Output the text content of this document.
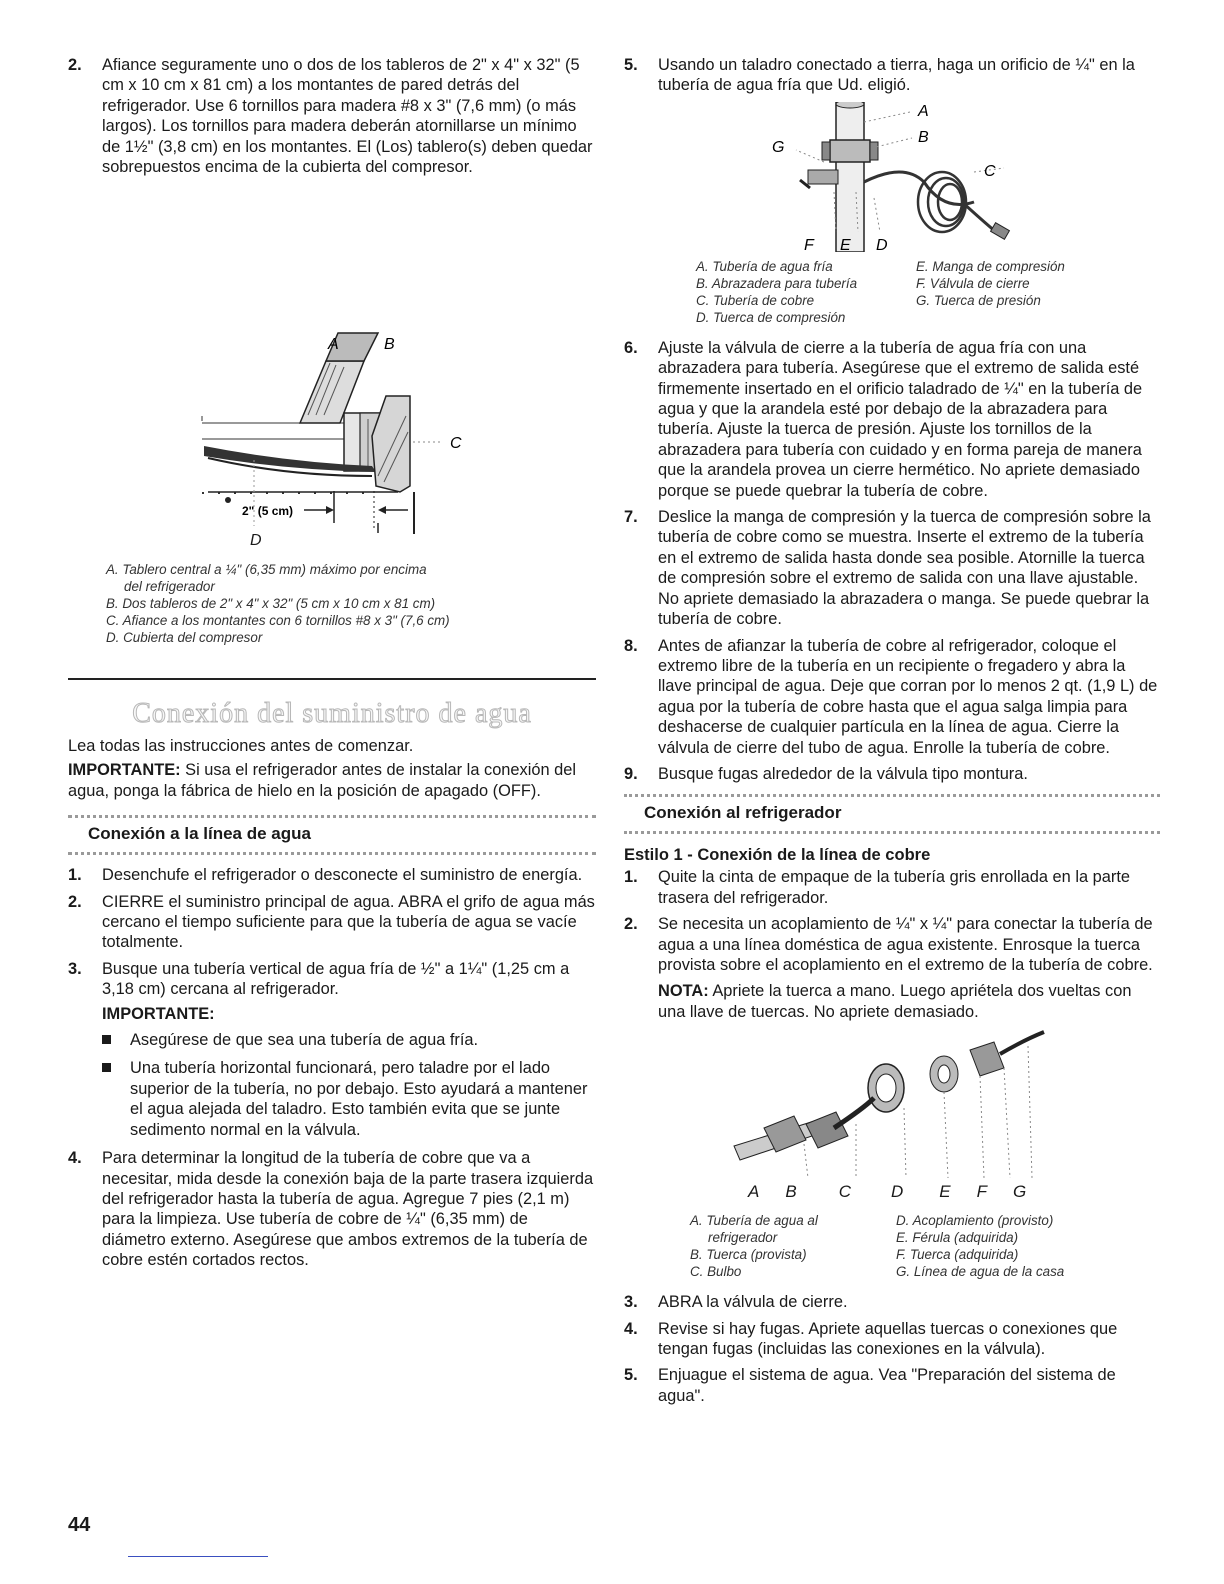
2. Afiance seguramente uno o dos de los tableros de 2" x 4" x 32" (5 cm x 10 cm x 81 cm) a los montantes de pared detrás del refrigerador. Use 6 tornillos para madera #8 x 3" (7,6 mm) (o más largos). Los tornillos para madera deberán atornillarse un mínimo de 1½" (3,8 cm) en los montantes. El (Los) tablero(s) deben quedar sobrepuestos encima de la cubierta del compresor.
2" (5 cm)
C
A	B
D
A. Tablero central a ¼" (6,35 mm) máximo por encima
del refrigerador
B. Dos tableros de 2" x 4" x 32" (5 cm x 10 cm x 81 cm)
C. Afiance a los montantes con 6 tornillos #8 x 3" (7,6 cm)
D. Cubierta del compresor
Conexión del suministro de agua
Lea todas las instrucciones antes de comenzar.
IMPORTANTE: Si usa el refrigerador antes de instalar la conexión del agua, ponga la fábrica de hielo en la posición de apagado (OFF).
Conexión a la línea de agua
1. Desenchufe el refrigerador o desconecte el suministro de energía.
2. CIERRE el suministro principal de agua. ABRA el grifo de agua más cercano el tiempo suficiente para que la tubería de agua se vacíe totalmente.
3. Busque una tubería vertical de agua fría de ½" a 1¼" (1,25 cm a 3,18 cm) cercana al refrigerador.
IMPORTANTE:
Asegúrese de que sea una tubería de agua fría.
Una tubería horizontal funcionará, pero taladre por el lado superior de la tubería, no por debajo. Esto ayudará a mantener el agua alejada del taladro. Esto también evita que se junte sedimento normal en la válvula.
4. Para determinar la longitud de la tubería de cobre que va a necesitar, mida desde la conexión baja de la parte trasera izquierda del refrigerador hasta la tubería de agua. Agregue 7 pies (2,1 m) para la limpieza. Use tubería de cobre de ¼" (6,35 mm) de diámetro externo. Asegúrese que ambos extremos de la tubería de cobre estén cortados rectos.
5. Usando un taladro conectado a tierra, haga un orificio de ¼" en la tubería de agua fría que Ud. eligió.
A
B
C
G
F E D
A. Tubería de agua fría
B. Abrazadera para tubería
C. Tubería de cobre
D. Tuerca de compresión
E. Manga de compresión
F. Válvula de cierre
G. Tuerca de presión
6. Ajuste la válvula de cierre a la tubería de agua fría con una abrazadera para tubería. Asegúrese que el extremo de salida esté firmemente insertado en el orificio taladrado de ¼" en la tubería de agua y que la arandela esté por debajo de la abrazadera para tubería. Ajuste la tuerca de presión. Ajuste los tornillos de la abrazadera para tubería con cuidado y en forma pareja de manera que la arandela provea un cierre hermético. No apriete demasiado porque se puede quebrar la tubería de cobre.
7. Deslice la manga de compresión y la tuerca de compresión sobre la tubería de cobre como se muestra. Inserte el extremo de la tubería en el extremo de salida hasta donde sea posible. Atornille la tuerca de compresión sobre el extremo de salida con una llave ajustable. No apriete demasiado la abrazadera o manga. Se puede quebrar la tubería de cobre.
8. Antes de afianzar la tubería de cobre al refrigerador, coloque el extremo libre de la tubería en un recipiente o fregadero y abra la llave principal de agua. Deje que corran por lo menos 2 qt. (1,9 L) de agua por la tubería de cobre hasta que el agua salga limpia para deshacerse de cualquier partícula en la línea de agua. Cierre la válvula de cierre del tubo de agua. Enrolle la tubería de cobre.
9. Busque fugas alrededor de la válvula tipo montura.
Conexión al refrigerador
Estilo 1 - Conexión de la línea de cobre
1. Quite la cinta de empaque de la tubería gris enrollada en la parte trasera del refrigerador.
2. Se necesita un acoplamiento de ¼" x ¼" para conectar la tubería de agua a una línea doméstica de agua existente. Enrosque la tuerca provista sobre el acoplamiento en el extremo de la tubería de cobre.
NOTA: Apriete la tuerca a mano. Luego apriétela dos vueltas con una llave de tuercas. No apriete demasiado.
A B C D E F G
A. Tubería de agua al
refrigerador
B. Tuerca (provista)
C. Bulbo
D. Acoplamiento (provisto)
E. Férula (adquirida)
F. Tuerca (adquirida)
G. Línea de agua de la casa
3. ABRA la válvula de cierre.
4. Revise si hay fugas. Apriete aquellas tuercas o conexiones que tengan fugas (incluidas las conexiones en la válvula).
5. Enjuague el sistema de agua. Vea "Preparación del sistema de agua".
44
